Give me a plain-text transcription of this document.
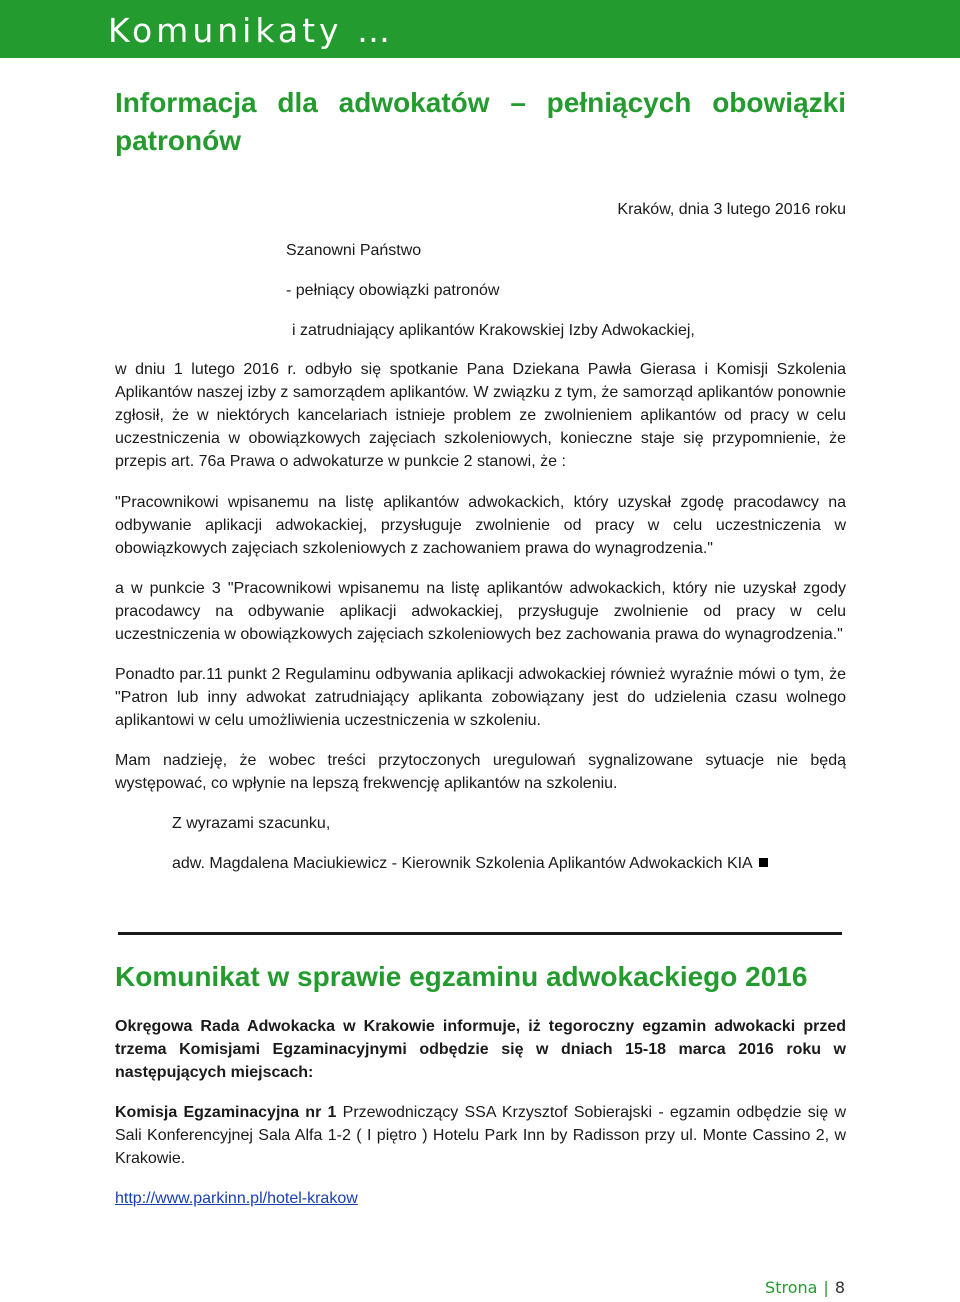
Komunikaty …
Informacja dla adwokatów – pełniących obowiązki patronów

Kraków, dnia 3 lutego 2016 roku

Szanowni Państwo

- pełniący obowiązki patronów

i zatrudniający aplikantów Krakowskiej Izby Adwokackiej,

w dniu 1 lutego 2016 r. odbyło się spotkanie Pana Dziekana Pawła Gierasa i Komisji Szkolenia Aplikantów naszej izby z samorządem aplikantów. W związku z tym, że samorząd aplikantów ponownie zgłosił, że w niektórych kancelariach istnieje problem ze zwolnieniem aplikantów od pracy w celu uczestniczenia w obowiązkowych zajęciach szkoleniowych, konieczne staje się przypomnienie, że przepis art. 76a Prawa o adwokaturze w punkcie 2 stanowi, że :

"Pracownikowi wpisanemu na listę aplikantów adwokackich, który uzyskał zgodę pracodawcy na odbywanie aplikacji adwokackiej, przysługuje zwolnienie od pracy w celu uczestniczenia w obowiązkowych zajęciach szkoleniowych z zachowaniem prawa do wynagrodzenia."

a w punkcie 3 "Pracownikowi wpisanemu na listę aplikantów adwokackich, który nie uzyskał zgody pracodawcy na odbywanie aplikacji adwokackiej, przysługuje zwolnienie od pracy w celu uczestniczenia w obowiązkowych zajęciach szkoleniowych bez zachowania prawa do wynagrodzenia."

Ponadto par.11 punkt 2 Regulaminu odbywania aplikacji adwokackiej również wyraźnie mówi o tym, że "Patron lub inny adwokat zatrudniający aplikanta zobowiązany jest do udzielenia czasu wolnego aplikantowi w celu umożliwienia uczestniczenia w szkoleniu.

Mam nadzieję, że wobec treści przytoczonych uregulowań sygnalizowane sytuacje nie będą występować, co wpłynie na lepszą frekwencję aplikantów na szkoleniu.

Z wyrazami szacunku,

adw. Magdalena Maciukiewicz - Kierownik Szkolenia Aplikantów Adwokackich KIA

Komunikat w sprawie egzaminu adwokackiego 2016

Okręgowa Rada Adwokacka w Krakowie informuje, iż tegoroczny egzamin adwokacki przed trzema Komisjami Egzaminacyjnymi odbędzie się w dniach 15-18 marca 2016 roku w następujących miejscach:

Komisja Egzaminacyjna nr 1 Przewodniczący SSA Krzysztof Sobierajski - egzamin odbędzie się w Sali Konferencyjnej Sala Alfa 1-2 ( I piętro ) Hotelu Park Inn by Radisson przy ul. Monte Cassino 2, w Krakowie.

http://www.parkinn.pl/hotel-krakow

Strona | 8
